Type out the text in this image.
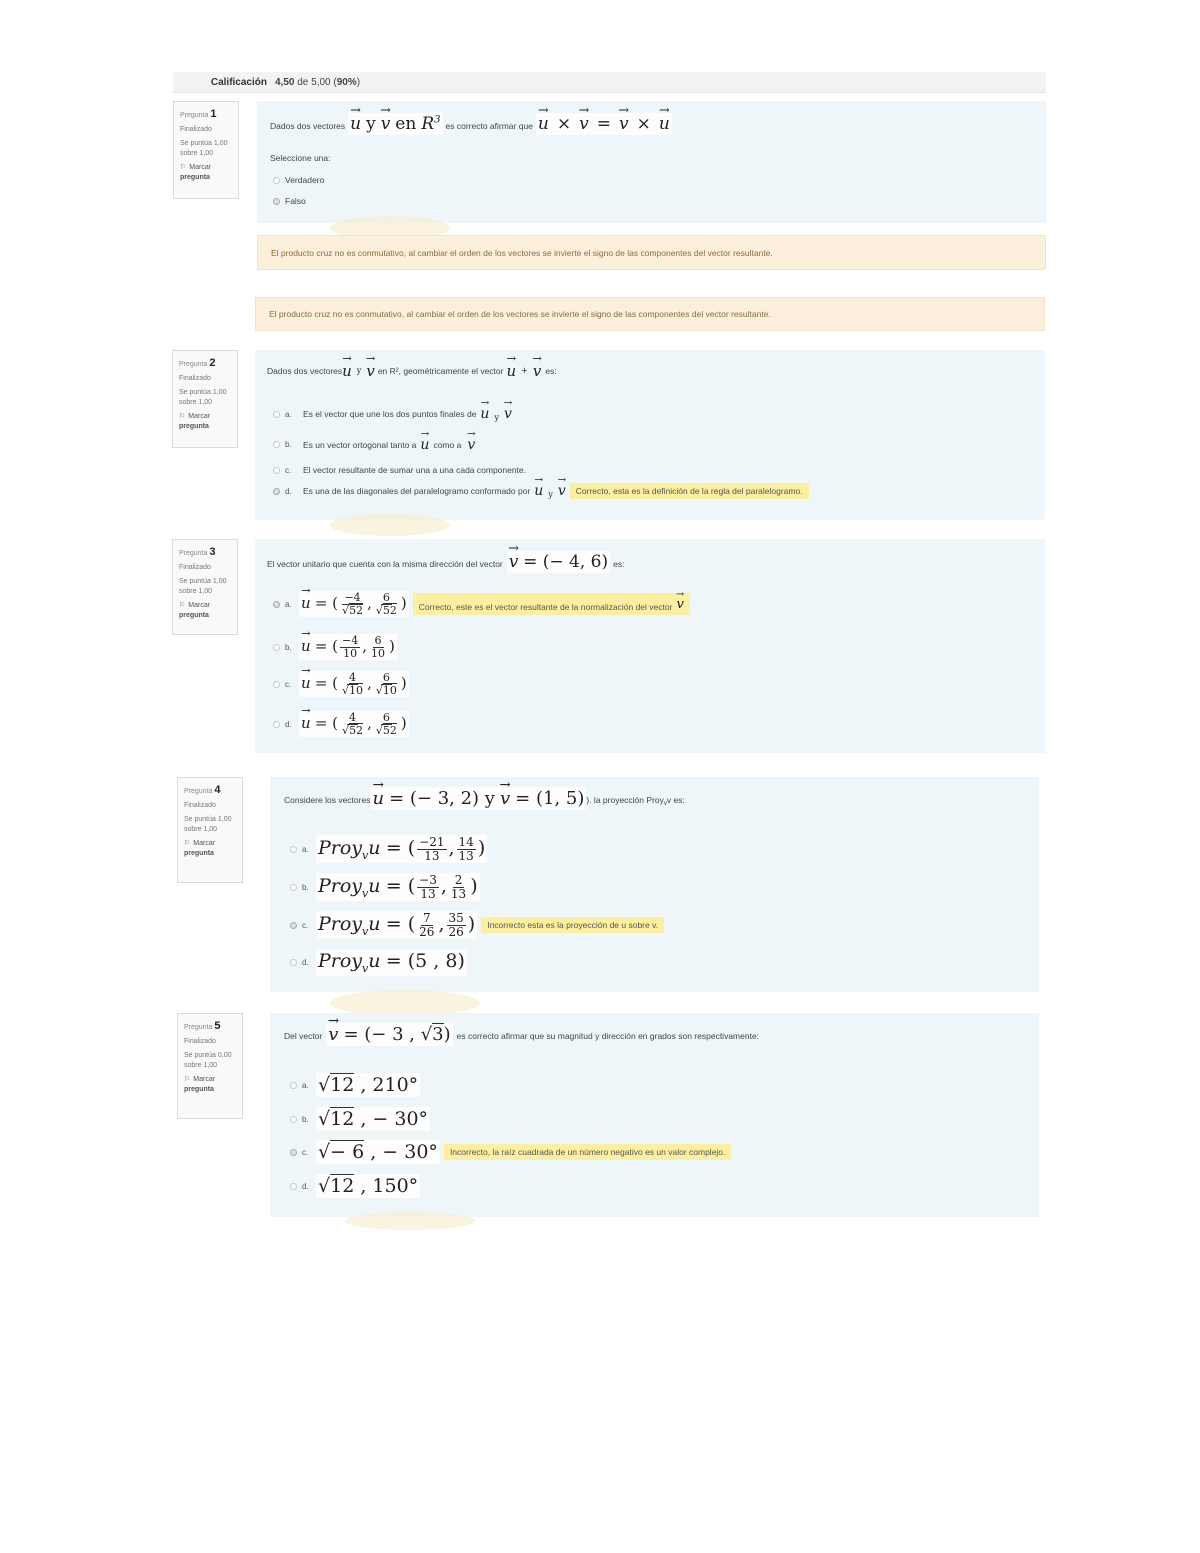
Calificación 4,50 de 5,00 (90%)
Pregunta 1
Finalizado
Se puntúa 1,00 sobre 1,00
⚐ Marcar
pregunta
Dados dos vectores → u y → v en $R^3$
es correcto afirmar que → u × → v = → v × → u
Seleccione una:
Verdadero
Falso
El producto cruz no es conmutativo, al cambiar el orden de los vectores se invierte el signo de las componentes del vector resultante.
El producto cruz no es conmutativo, al cambiar el orden de los vectores se invierte el signo de las componentes del vector resultante.
Pregunta 2
Finalizado
Se puntúa 1,00 sobre 1,00
⚐ Marcar
pregunta
Dados dos vectores → u y → v en R², geométricamente el vector → u + → v es:
a.	Es el vector que une los dos puntos finales de → u y → v
b.	Es un vector ortogonal tanto a → u como a → v
c.	El vector resultante de sumar una a una cada componente.
d.	Es una de las diagonales del paralelogramo conformado por → u y → v	Correcto, esta es la definición de la regla del paralelogramo.
Pregunta 3
Finalizado
Se puntúa 1,00 sobre 1,00
⚐ Marcar
pregunta
El vector unitario que cuenta con la misma dirección del vector → v = (− 4, 6) es:
a. → u = ( $\frac{-4}{√52}$ , $\frac{6}{√52}$ ) Correcto, este es el vector resultante de la normalización del vector → v
b. → u = ( $\frac{-4}{10}$ , $\frac{6}{10}$ )
c. → u = ( $\frac{4}{√10}$ , $\frac{6}{√10}$ )
d. → u = ( $\frac{4}{√52}$ , $\frac{6}{√52}$ )
Pregunta 4
Finalizado
Se puntúa 1,00 sobre 1,00
⚐ Marcar
pregunta
Considere los vectores → u = (− 3, 2) y → v = (1, 5) ). la proyección Proy$_v$ v es:
a. Proy$_v$u = ( $\frac{-21}{13}$ , $\frac{14}{13}$ )
b. Proy$_v$u = ( $\frac{-3}{13}$ , $\frac{2}{13}$ )
c. Proy$_v$u = ( $\frac{7}{26}$ , $\frac{35}{26}$ )	Incorrecto esta es la proyección de u sobre v.
d. Proy$_v$u = (5 , 8)
Pregunta 5
Finalizado
Se puntúa 0,00 sobre 1,00
⚐ Marcar
pregunta
Del vector → v = (− 3 , √3) es correcto afirmar que su magnitud y dirección en grados son respectivamente:
a. √12 , 210°
b. √12 , − 30°
c. √− 6 , − 30°	Incorrecto, la raíz cuadrada de un número negativo es un valor complejo.
d. √12 , 150°
